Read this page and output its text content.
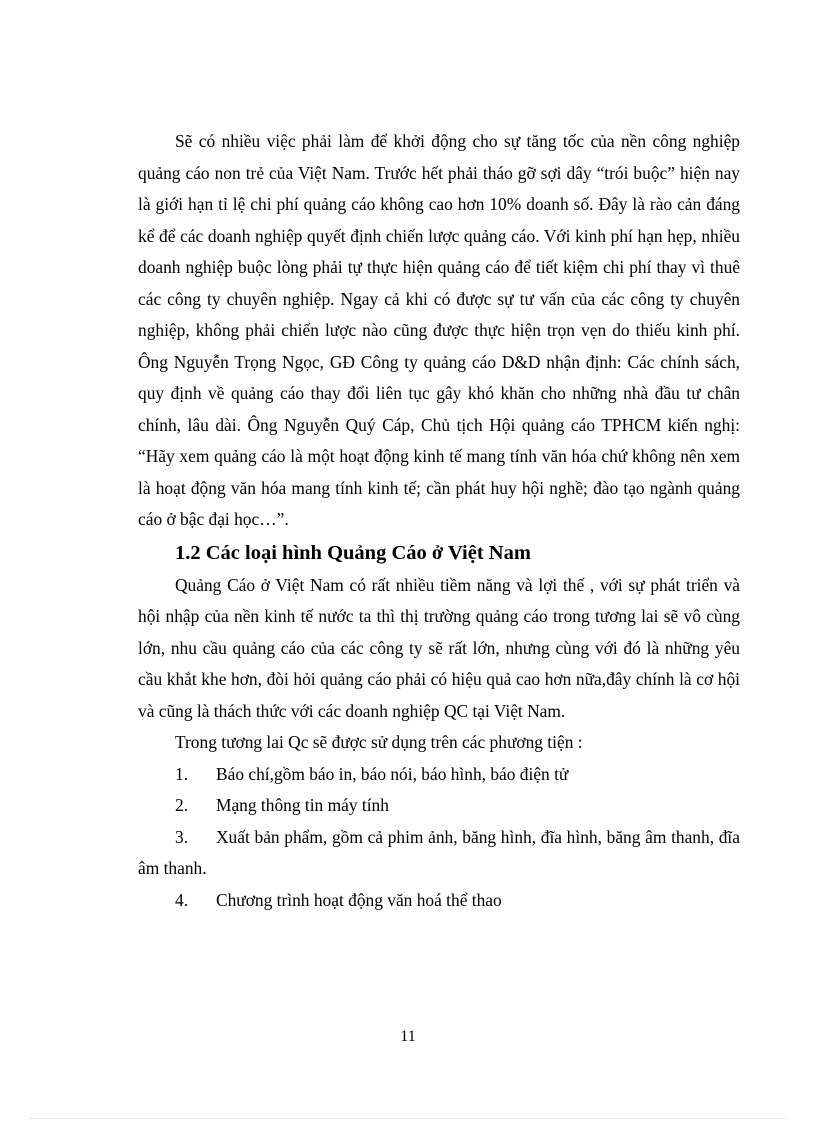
Sẽ có nhiều việc phải làm để khởi động cho sự tăng tốc của nền công nghiệp quảng cáo non trẻ của Việt Nam. Trước hết phải tháo gỡ sợi dây “trói buộc” hiện nay là giới hạn tỉ lệ chi phí quảng cáo không cao hơn 10% doanh số. Đây là rào cản đáng kể để các doanh nghiệp quyết định chiến lược quảng cáo. Với kinh phí hạn hẹp, nhiều doanh nghiệp buộc lòng phải tự thực hiện quảng cáo để tiết kiệm chi phí thay vì thuê các công ty chuyên nghiệp. Ngay cả khi có được sự tư vấn của các công ty chuyên nghiệp, không phải chiến lược nào cũng được thực hiện trọn vẹn do thiếu kinh phí. Ông Nguyễn Trọng Ngọc, GĐ Công ty quảng cáo D&D nhận định: Các chính sách, quy định về quảng cáo thay đổi liên tục gây khó khăn cho những nhà đầu tư chân chính, lâu dài. Ông Nguyễn Quý Cáp, Chủ tịch Hội quảng cáo TPHCM kiến nghị: “Hãy xem quảng cáo là một hoạt động kinh tế mang tính văn hóa chứ không nên xem là hoạt động văn hóa mang tính kinh tế; cần phát huy hội nghề; đào tạo ngành quảng cáo ở bậc đại học…”.

1.2 Các loại hình Quảng Cáo ở Việt Nam

Quảng Cáo ở Việt Nam có rất nhiều tiềm năng và lợi thế , với sự phát triển và hội nhập của nền kinh tế nước ta thì thị trường quảng cáo trong tương lai sẽ vô cùng lớn, nhu cầu quảng cáo của các công ty sẽ rất lớn, nhưng cùng với đó là những yêu cầu khắt khe hơn, đòi hỏi quảng cáo phải có hiệu quả cao hơn nữa,đây chính là cơ hội và cũng là thách thức với các doanh nghiệp QC tại Việt Nam.

Trong tương lai Qc sẽ được sử dụng trên các phương tiện :

1. Báo chí,gồm báo in, báo nói, báo hình, báo điện tử

2. Mạng thông tin máy tính

3. Xuất bản phẩm, gồm cả phim ảnh, băng hình, đĩa hình, băng âm thanh, đĩa âm thanh.

4. Chương trình hoạt động văn hoá thể thao

11
